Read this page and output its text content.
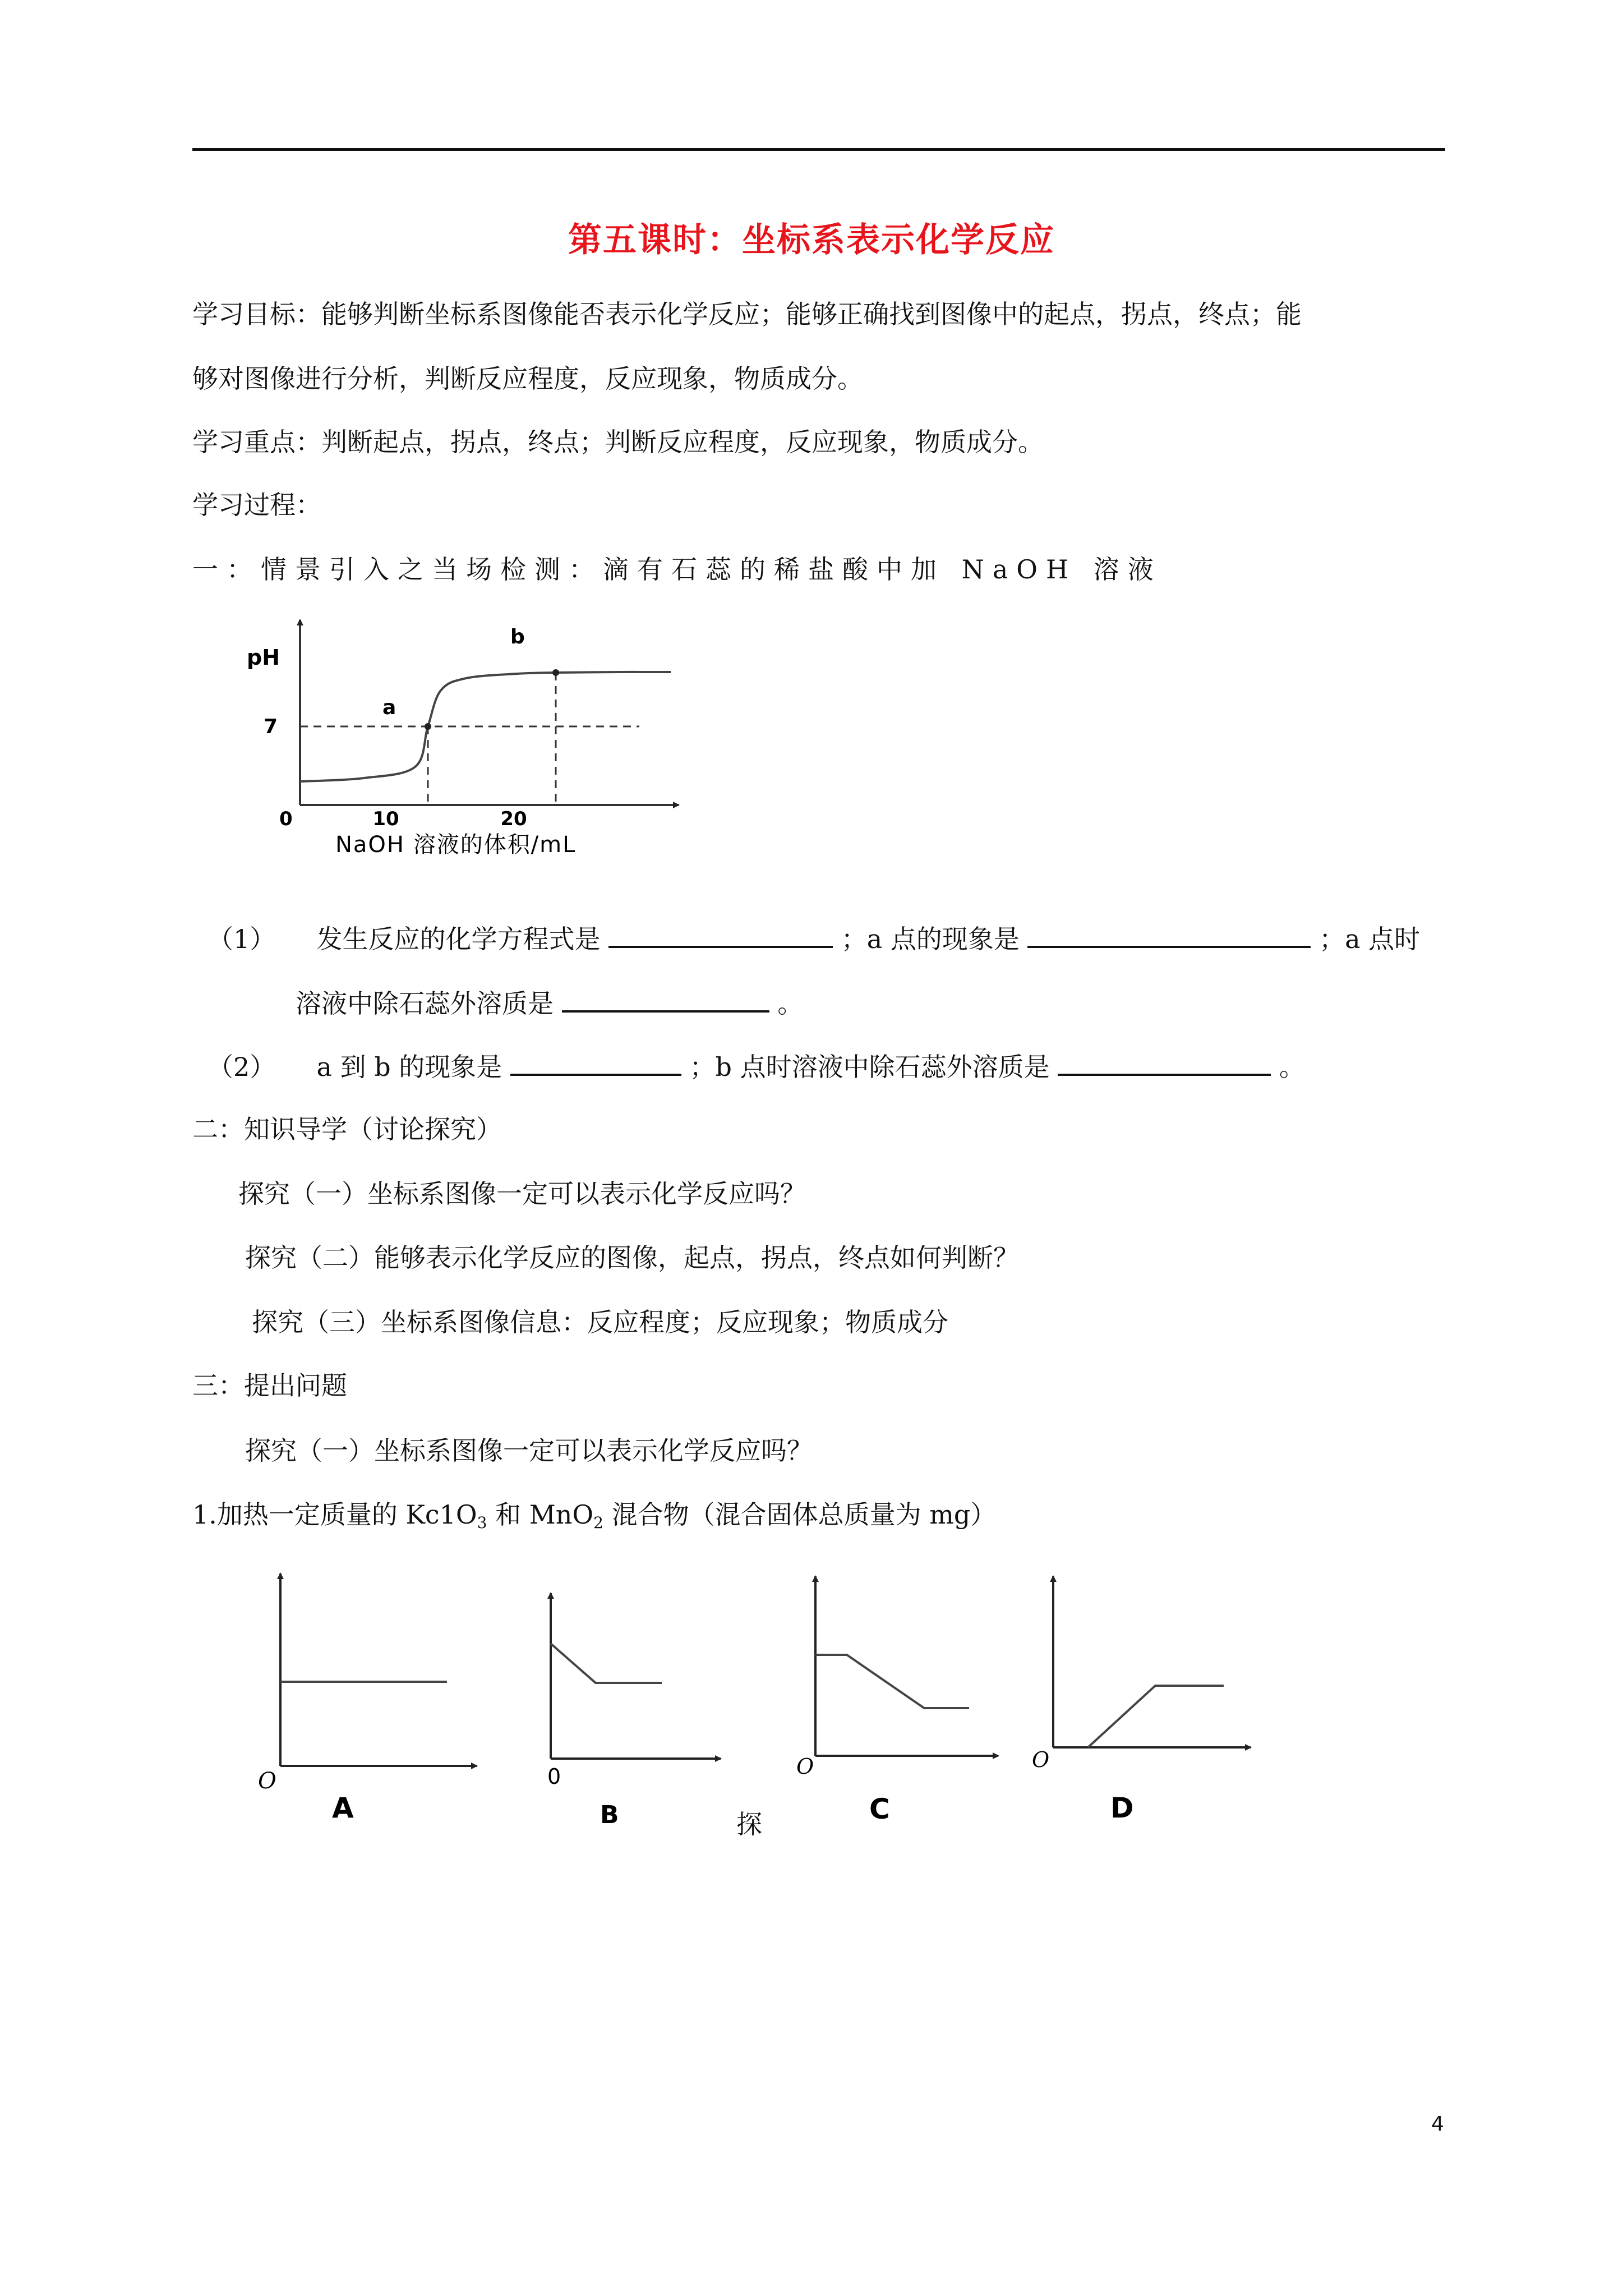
第五课时：坐标系表示化学反应
学习目标：能够判断坐标系图像能否表示化学反应；能够正确找到图像中的起点，拐点，终点；能
够对图像进行分析，判断反应程度，反应现象，物质成分。
学习重点：判断起点，拐点，终点；判断反应程度，反应现象，物质成分。
学习过程：
一：情景引入之当场检测：滴有石蕊的稀盐酸中加 NaOH 溶液
pH
7
0	10	20
a
b
NaOH 溶液的体积/mL
（1） 发生反应的化学方程式是	；a 点的现象是	；a 点时
溶液中除石蕊外溶质是	。
（2） a 到 b 的现象是	；b 点时溶液中除石蕊外溶质是	。
二：知识导学（讨论探究）
探究（一）坐标系图像一定可以表示化学反应吗？
探究（二）能够表示化学反应的图像，起点，拐点，终点如何判断？
探究（三）坐标系图像信息：反应程度；反应现象；物质成分
三：提出问题
探究（一）坐标系图像一定可以表示化学反应吗？
1.加热一定质量的 $Kc1O_3$ 和 MnO$_2$ 混合物（混合固体总质量为 mg）
O
A
0
B
O
C
O
D
探
4
